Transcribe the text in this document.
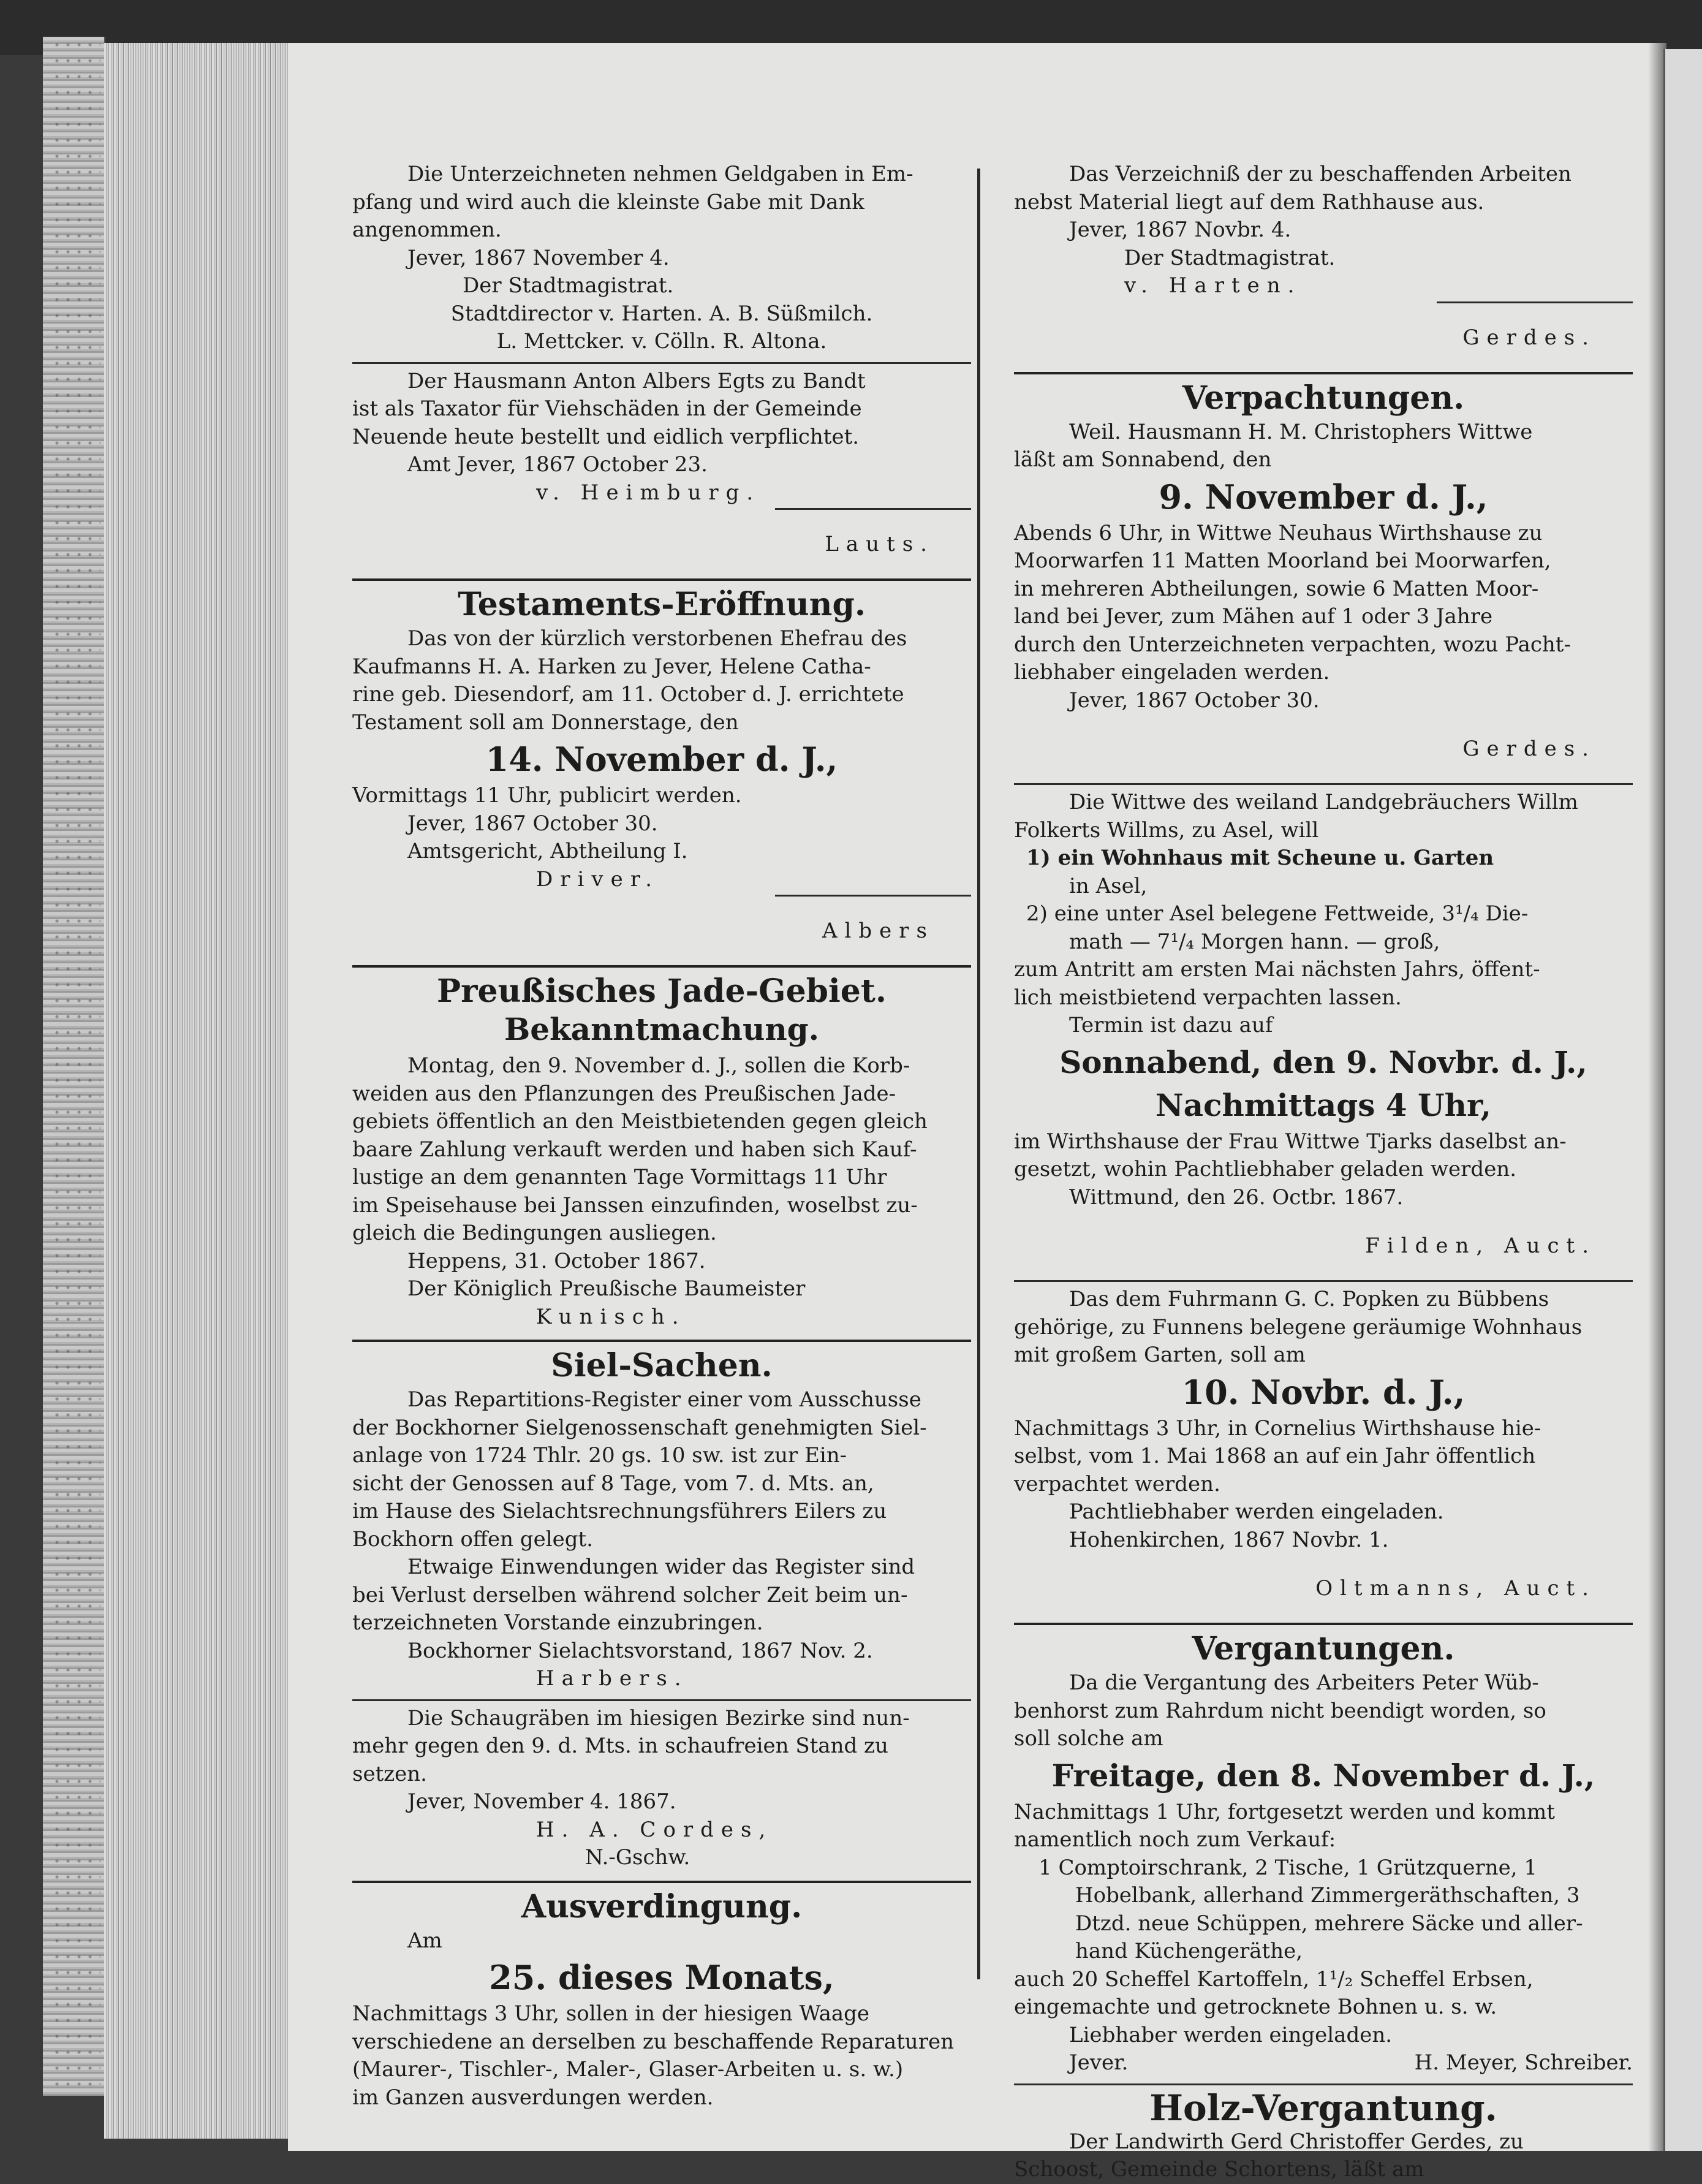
Die Unterzeichneten nehmen Geldgaben in Em-

pfang und wird auch die kleinste Gabe mit Dank

angenommen.

Jever, 1867 November 4.

Der Stadtmagistrat.

Stadtdirector v. Harten. A. B. Süßmilch.

L. Mettcker. v. Cölln. R. Altona.

Der Hausmann Anton Albers Egts zu Bandt

ist als Taxator für Viehschäden in der Gemeinde

Neuende heute bestellt und eidlich verpflichtet.

Amt Jever, 1867 October 23.

v. Heimburg.

Lauts.

Testaments-Eröffnung.

Das von der kürzlich verstorbenen Ehefrau des

Kaufmanns H. A. Harken zu Jever, Helene Catha-

rine geb. Diesendorf, am 11. October d. J. errichtete

Testament soll am Donnerstage, den

14. November d. J.,

Vormittags 11 Uhr, publicirt werden.

Jever, 1867 October 30.

Amtsgericht, Abtheilung I.

Driver.

Albers

Preußisches Jade-Gebiet.

Bekanntmachung.

Montag, den 9. November d. J., sollen die Korb-

weiden aus den Pflanzungen des Preußischen Jade-

gebiets öffentlich an den Meistbietenden gegen gleich

baare Zahlung verkauft werden und haben sich Kauf-

lustige an dem genannten Tage Vormittags 11 Uhr

im Speisehause bei Janssen einzufinden, woselbst zu-

gleich die Bedingungen ausliegen.

Heppens, 31. October 1867.

Der Königlich Preußische Baumeister

Kunisch.

Siel-Sachen.

Das Repartitions-Register einer vom Ausschusse

der Bockhorner Sielgenossenschaft genehmigten Siel-

anlage von 1724 Thlr. 20 gs. 10 sw. ist zur Ein-

sicht der Genossen auf 8 Tage, vom 7. d. Mts. an,

im Hause des Sielachtsrechnungsführers Eilers zu

Bockhorn offen gelegt.

Etwaige Einwendungen wider das Register sind

bei Verlust derselben während solcher Zeit beim un-

terzeichneten Vorstande einzubringen.

Bockhorner Sielachtsvorstand, 1867 Nov. 2.

Harbers.

Die Schaugräben im hiesigen Bezirke sind nun-

mehr gegen den 9. d. Mts. in schaufreien Stand zu

setzen.

Jever, November 4. 1867.

H. A. Cordes,

N.-Gschw.

Ausverdingung.

Am

25. dieses Monats,

Nachmittags 3 Uhr, sollen in der hiesigen Waage

verschiedene an derselben zu beschaffende Reparaturen

(Maurer-, Tischler-, Maler-, Glaser-Arbeiten u. s. w.)

im Ganzen ausverdungen werden.

Das Verzeichniß der zu beschaffenden Arbeiten

nebst Material liegt auf dem Rathhause aus.

Jever, 1867 Novbr. 4.

Der Stadtmagistrat.

v. Harten.

Gerdes.

Verpachtungen.

Weil. Hausmann H. M. Christophers Wittwe

läßt am Sonnabend, den

9. November d. J.,

Abends 6 Uhr, in Wittwe Neuhaus Wirthshause zu

Moorwarfen 11 Matten Moorland bei Moorwarfen,

in mehreren Abtheilungen, sowie 6 Matten Moor-

land bei Jever, zum Mähen auf 1 oder 3 Jahre

durch den Unterzeichneten verpachten, wozu Pacht-

liebhaber eingeladen werden.

Jever, 1867 October 30.

Gerdes.

Die Wittwe des weiland Landgebräuchers Willm

Folkerts Willms, zu Asel, will

1) ein Wohnhaus mit Scheune u. Garten

in Asel,

2) eine unter Asel belegene Fettweide, 3¹/₄ Die-

math — 7¹/₄ Morgen hann. — groß,

zum Antritt am ersten Mai nächsten Jahrs, öffent-

lich meistbietend verpachten lassen.

Termin ist dazu auf

Sonnabend, den 9. Novbr. d. J.,

Nachmittags 4 Uhr,

im Wirthshause der Frau Wittwe Tjarks daselbst an-

gesetzt, wohin Pachtliebhaber geladen werden.

Wittmund, den 26. Octbr. 1867.

Filden, Auct.

Das dem Fuhrmann G. C. Popken zu Bübbens

gehörige, zu Funnens belegene geräumige Wohnhaus

mit großem Garten, soll am

10. Novbr. d. J.,

Nachmittags 3 Uhr, in Cornelius Wirthshause hie-

selbst, vom 1. Mai 1868 an auf ein Jahr öffentlich

verpachtet werden.

Pachtliebhaber werden eingeladen.

Hohenkirchen, 1867 Novbr. 1.

Oltmanns, Auct.

Vergantungen.

Da die Vergantung des Arbeiters Peter Wüb-

benhorst zum Rahrdum nicht beendigt worden, so

soll solche am

Freitage, den 8. November d. J.,

Nachmittags 1 Uhr, fortgesetzt werden und kommt

namentlich noch zum Verkauf:

1 Comptoirschrank, 2 Tische, 1 Grützquerne, 1

Hobelbank, allerhand Zimmergeräthschaften, 3

Dtzd. neue Schüppen, mehrere Säcke und aller-

hand Küchengeräthe,

auch 20 Scheffel Kartoffeln, 1¹/₂ Scheffel Erbsen,

eingemachte und getrocknete Bohnen u. s. w.

Liebhaber werden eingeladen.

Jever.	H. Meyer, Schreiber.

Holz-Vergantung.

Der Landwirth Gerd Christoffer Gerdes, zu

Schoost, Gemeinde Schortens, läßt am
